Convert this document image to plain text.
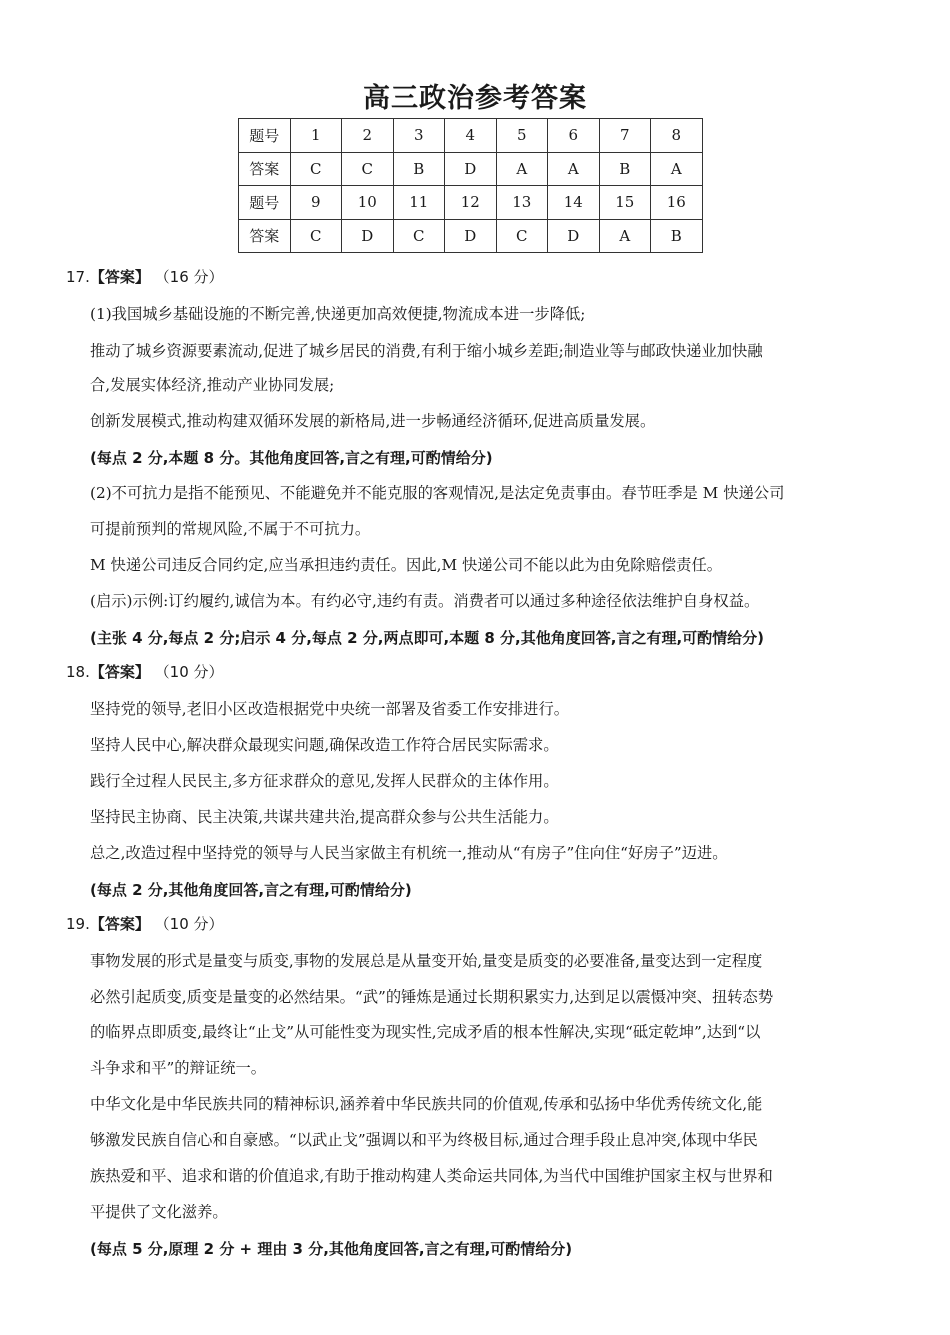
高三政治参考答案
题号	1	2	3	4	5	6	7	8
答案	C	C	B	D	A	A	B	A
题号	9	10	11	12	13	14	15	16
答案	C	D	C	D	C	D	A	B
17.【答案】 （16 分）
(1)我国城乡基础设施的不断完善,快递更加高效便捷,物流成本进一步降低;
推动了城乡资源要素流动,促进了城乡居民的消费,有利于缩小城乡差距;制造业等与邮政快递业加快融
合,发展实体经济,推动产业协同发展;
创新发展模式,推动构建双循环发展的新格局,进一步畅通经济循环,促进高质量发展。
(每点 2 分,本题 8 分。其他角度回答,言之有理,可酌情给分)
(2)不可抗力是指不能预见、不能避免并不能克服的客观情况,是法定免责事由。春节旺季是 M 快递公司
可提前预判的常规风险,不属于不可抗力。
M 快递公司违反合同约定,应当承担违约责任。因此,M 快递公司不能以此为由免除赔偿责任。
(启示)示例:订约履约,诚信为本。有约必守,违约有责。消费者可以通过多种途径依法维护自身权益。
(主张 4 分,每点 2 分;启示 4 分,每点 2 分,两点即可,本题 8 分,其他角度回答,言之有理,可酌情给分)
18.【答案】 （10 分）
坚持党的领导,老旧小区改造根据党中央统一部署及省委工作安排进行。
坚持人民中心,解决群众最现实问题,确保改造工作符合居民实际需求。
践行全过程人民民主,多方征求群众的意见,发挥人民群众的主体作用。
坚持民主协商、民主决策,共谋共建共治,提高群众参与公共生活能力。
总之,改造过程中坚持党的领导与人民当家做主有机统一,推动从“有房子”住向住“好房子”迈进。
(每点 2 分,其他角度回答,言之有理,可酌情给分)
19.【答案】 （10 分）
事物发展的形式是量变与质变,事物的发展总是从量变开始,量变是质变的必要准备,量变达到一定程度
必然引起质变,质变是量变的必然结果。“武”的锤炼是通过长期积累实力,达到足以震慑冲突、扭转态势
的临界点即质变,最终让“止戈”从可能性变为现实性,完成矛盾的根本性解决,实现“砥定乾坤”,达到“以
斗争求和平”的辩证统一。
中华文化是中华民族共同的精神标识,涵养着中华民族共同的价值观,传承和弘扬中华优秀传统文化,能
够激发民族自信心和自豪感。“以武止戈”强调以和平为终极目标,通过合理手段止息冲突,体现中华民
族热爱和平、追求和谐的价值追求,有助于推动构建人类命运共同体,为当代中国维护国家主权与世界和
平提供了文化滋养。
(每点 5 分,原理 2 分 + 理由 3 分,其他角度回答,言之有理,可酌情给分)
